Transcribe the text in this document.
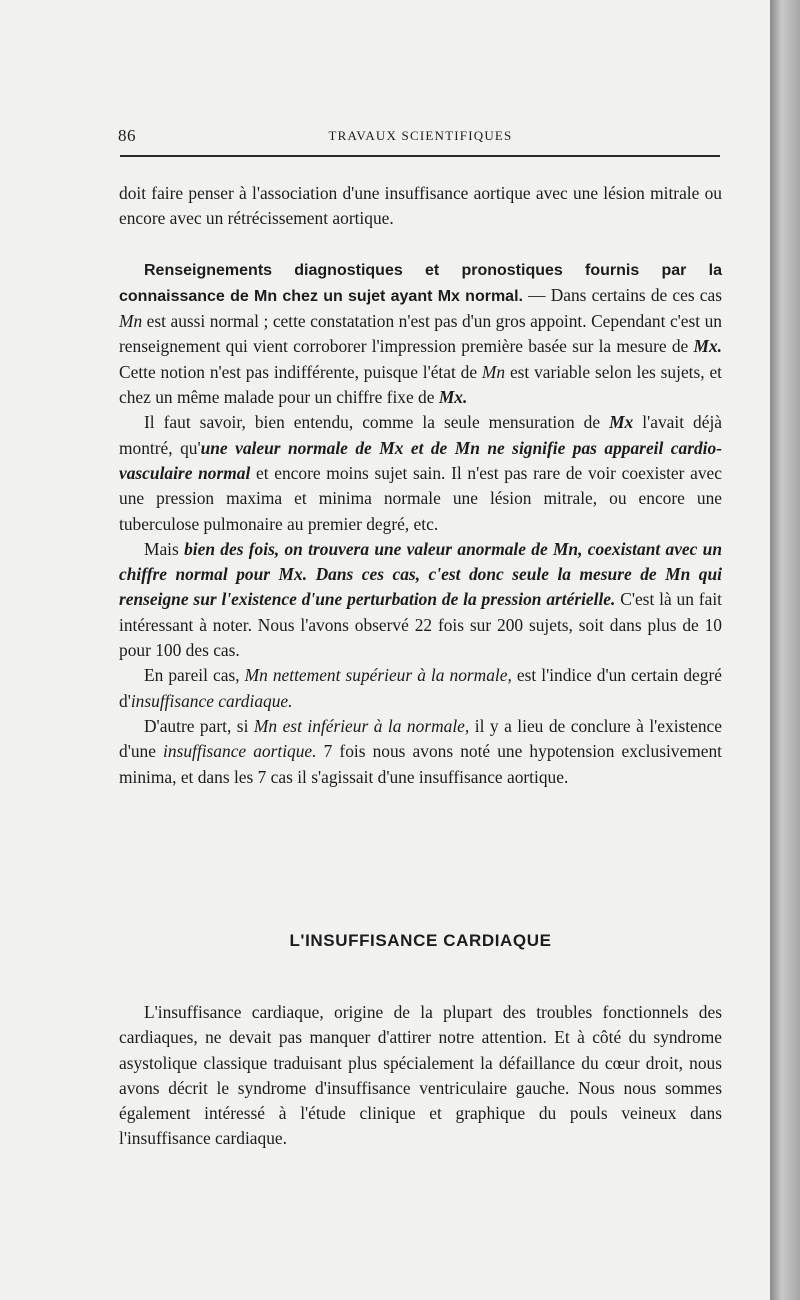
86	TRAVAUX SCIENTIFIQUES

doit faire penser à l'association d'une insuffisance aortique avec une lésion mitrale ou encore avec un rétrécissement aortique.

Renseignements diagnostiques et pronostiques fournis par la connaissance de Mn chez un sujet ayant Mx normal. — Dans certains de ces cas Mn est aussi normal ; cette constatation n'est pas d'un gros appoint. Cependant c'est un renseignement qui vient corroborer l'impression première basée sur la mesure de Mx. Cette notion n'est pas indifférente, puisque l'état de Mn est variable selon les sujets, et chez un même malade pour un chiffre fixe de Mx.

Il faut savoir, bien entendu, comme la seule mensuration de Mx l'avait déjà montré, qu'une valeur normale de Mx et de Mn ne signifie pas appareil cardio-vasculaire normal et encore moins sujet sain. Il n'est pas rare de voir coexister avec une pression maxima et minima normale une lésion mitrale, ou encore une tuberculose pulmonaire au premier degré, etc.

Mais bien des fois, on trouvera une valeur anormale de Mn, coexistant avec un chiffre normal pour Mx. Dans ces cas, c'est donc seule la mesure de Mn qui renseigne sur l'existence d'une perturbation de la pression artérielle. C'est là un fait intéressant à noter. Nous l'avons observé 22 fois sur 200 sujets, soit dans plus de 10 pour 100 des cas.

En pareil cas, Mn nettement supérieur à la normale, est l'indice d'un certain degré d'insuffisance cardiaque.

D'autre part, si Mn est inférieur à la normale, il y a lieu de conclure à l'existence d'une insuffisance aortique. 7 fois nous avons noté une hypotension exclusivement minima, et dans les 7 cas il s'agissait d'une insuffisance aortique.

L'INSUFFISANCE CARDIAQUE

L'insuffisance cardiaque, origine de la plupart des troubles fonctionnels des cardiaques, ne devait pas manquer d'attirer notre attention. Et à côté du syndrome asystolique classique traduisant plus spécialement la défaillance du cœur droit, nous avons décrit le syndrome d'insuffisance ventriculaire gauche. Nous nous sommes également intéressé à l'étude clinique et graphique du pouls veineux dans l'insuffisance cardiaque.
